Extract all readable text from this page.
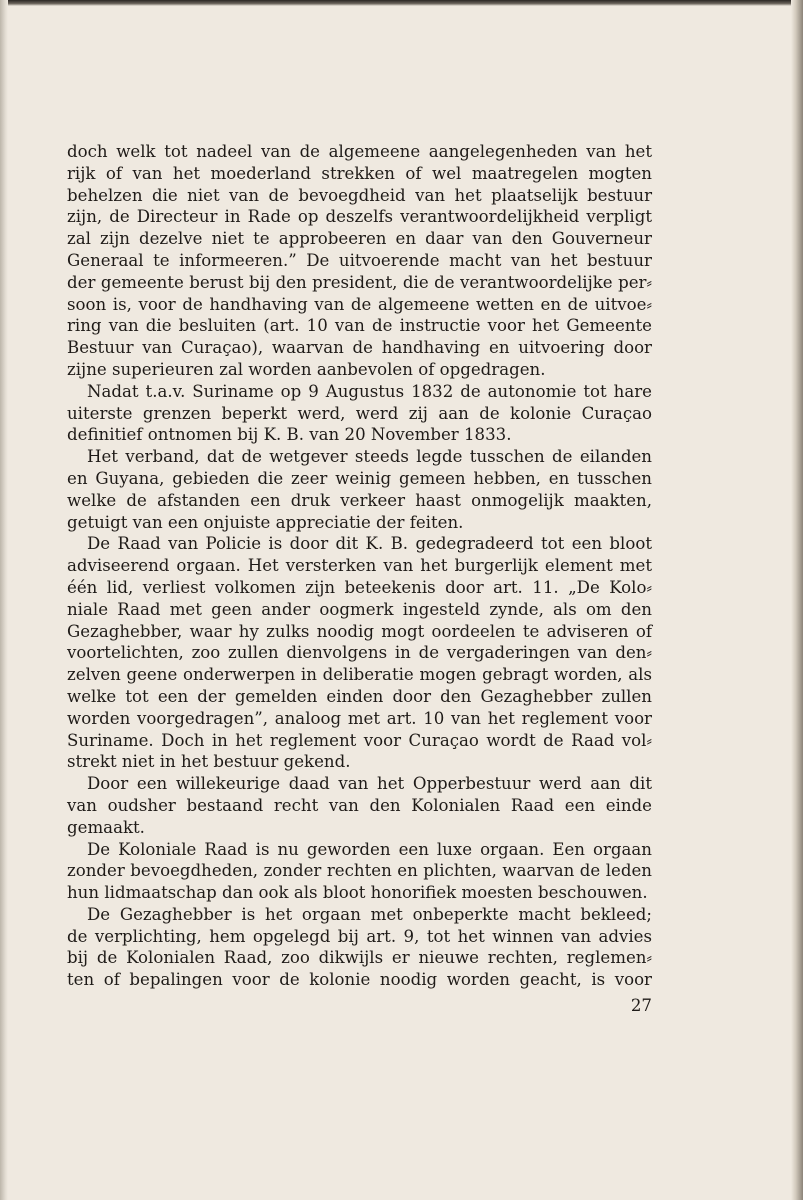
doch welk tot nadeel van de algemeene aangelegenheden van het
rijk of van het moederland strekken of wel maatregelen mogten
behelzen die niet van de bevoegdheid van het plaatselijk bestuur
zijn, de Directeur in Rade op deszelfs verantwoordelijkheid verpligt
zal zijn dezelve niet te approbeeren en daar van den Gouverneur
Generaal te informeeren.” De uitvoerende macht van het bestuur
der gemeente berust bij den president, die de verantwoordelijke per⸗
soon is, voor de handhaving van de algemeene wetten en de uitvoe⸗
ring van die besluiten (art. 10 van de instructie voor het Gemeente
Bestuur van Curaçao), waarvan de handhaving en uitvoering door
zijne superieuren zal worden aanbevolen of opgedragen.
Nadat t.a.v. Suriname op 9 Augustus 1832 de autonomie tot hare
uiterste grenzen beperkt werd, werd zij aan de kolonie Curaçao
definitief ontnomen bij K. B. van 20 November 1833.
Het verband, dat de wetgever steeds legde tusschen de eilanden
en Guyana, gebieden die zeer weinig gemeen hebben, en tusschen
welke de afstanden een druk verkeer haast onmogelijk maakten,
getuigt van een onjuiste appreciatie der feiten.
De Raad van Policie is door dit K. B. gedegradeerd tot een bloot
adviseerend orgaan. Het versterken van het burgerlijk element met
één lid, verliest volkomen zijn beteekenis door art. 11. „De Kolo⸗
niale Raad met geen ander oogmerk ingesteld zynde, als om den
Gezaghebber, waar hy zulks noodig mogt oordeelen te adviseren of
voortelichten, zoo zullen dienvolgens in de vergaderingen van den⸗
zelven geene onderwerpen in deliberatie mogen gebragt worden, als
welke tot een der gemelden einden door den Gezaghebber zullen
worden voorgedragen”, analoog met art. 10 van het reglement voor
Suriname. Doch in het reglement voor Curaçao wordt de Raad vol⸗
strekt niet in het bestuur gekend.
Door een willekeurige daad van het Opperbestuur werd aan dit
van oudsher bestaand recht van den Kolonialen Raad een einde
gemaakt.
De Koloniale Raad is nu geworden een luxe orgaan. Een orgaan
zonder bevoegdheden, zonder rechten en plichten, waarvan de leden
hun lidmaatschap dan ook als bloot honorifiek moesten beschouwen.
De Gezaghebber is het orgaan met onbeperkte macht bekleed;
de verplichting, hem opgelegd bij art. 9, tot het winnen van advies
bij de Kolonialen Raad, zoo dikwijls er nieuwe rechten, reglemen⸗
ten of bepalingen voor de kolonie noodig worden geacht, is voor
27
